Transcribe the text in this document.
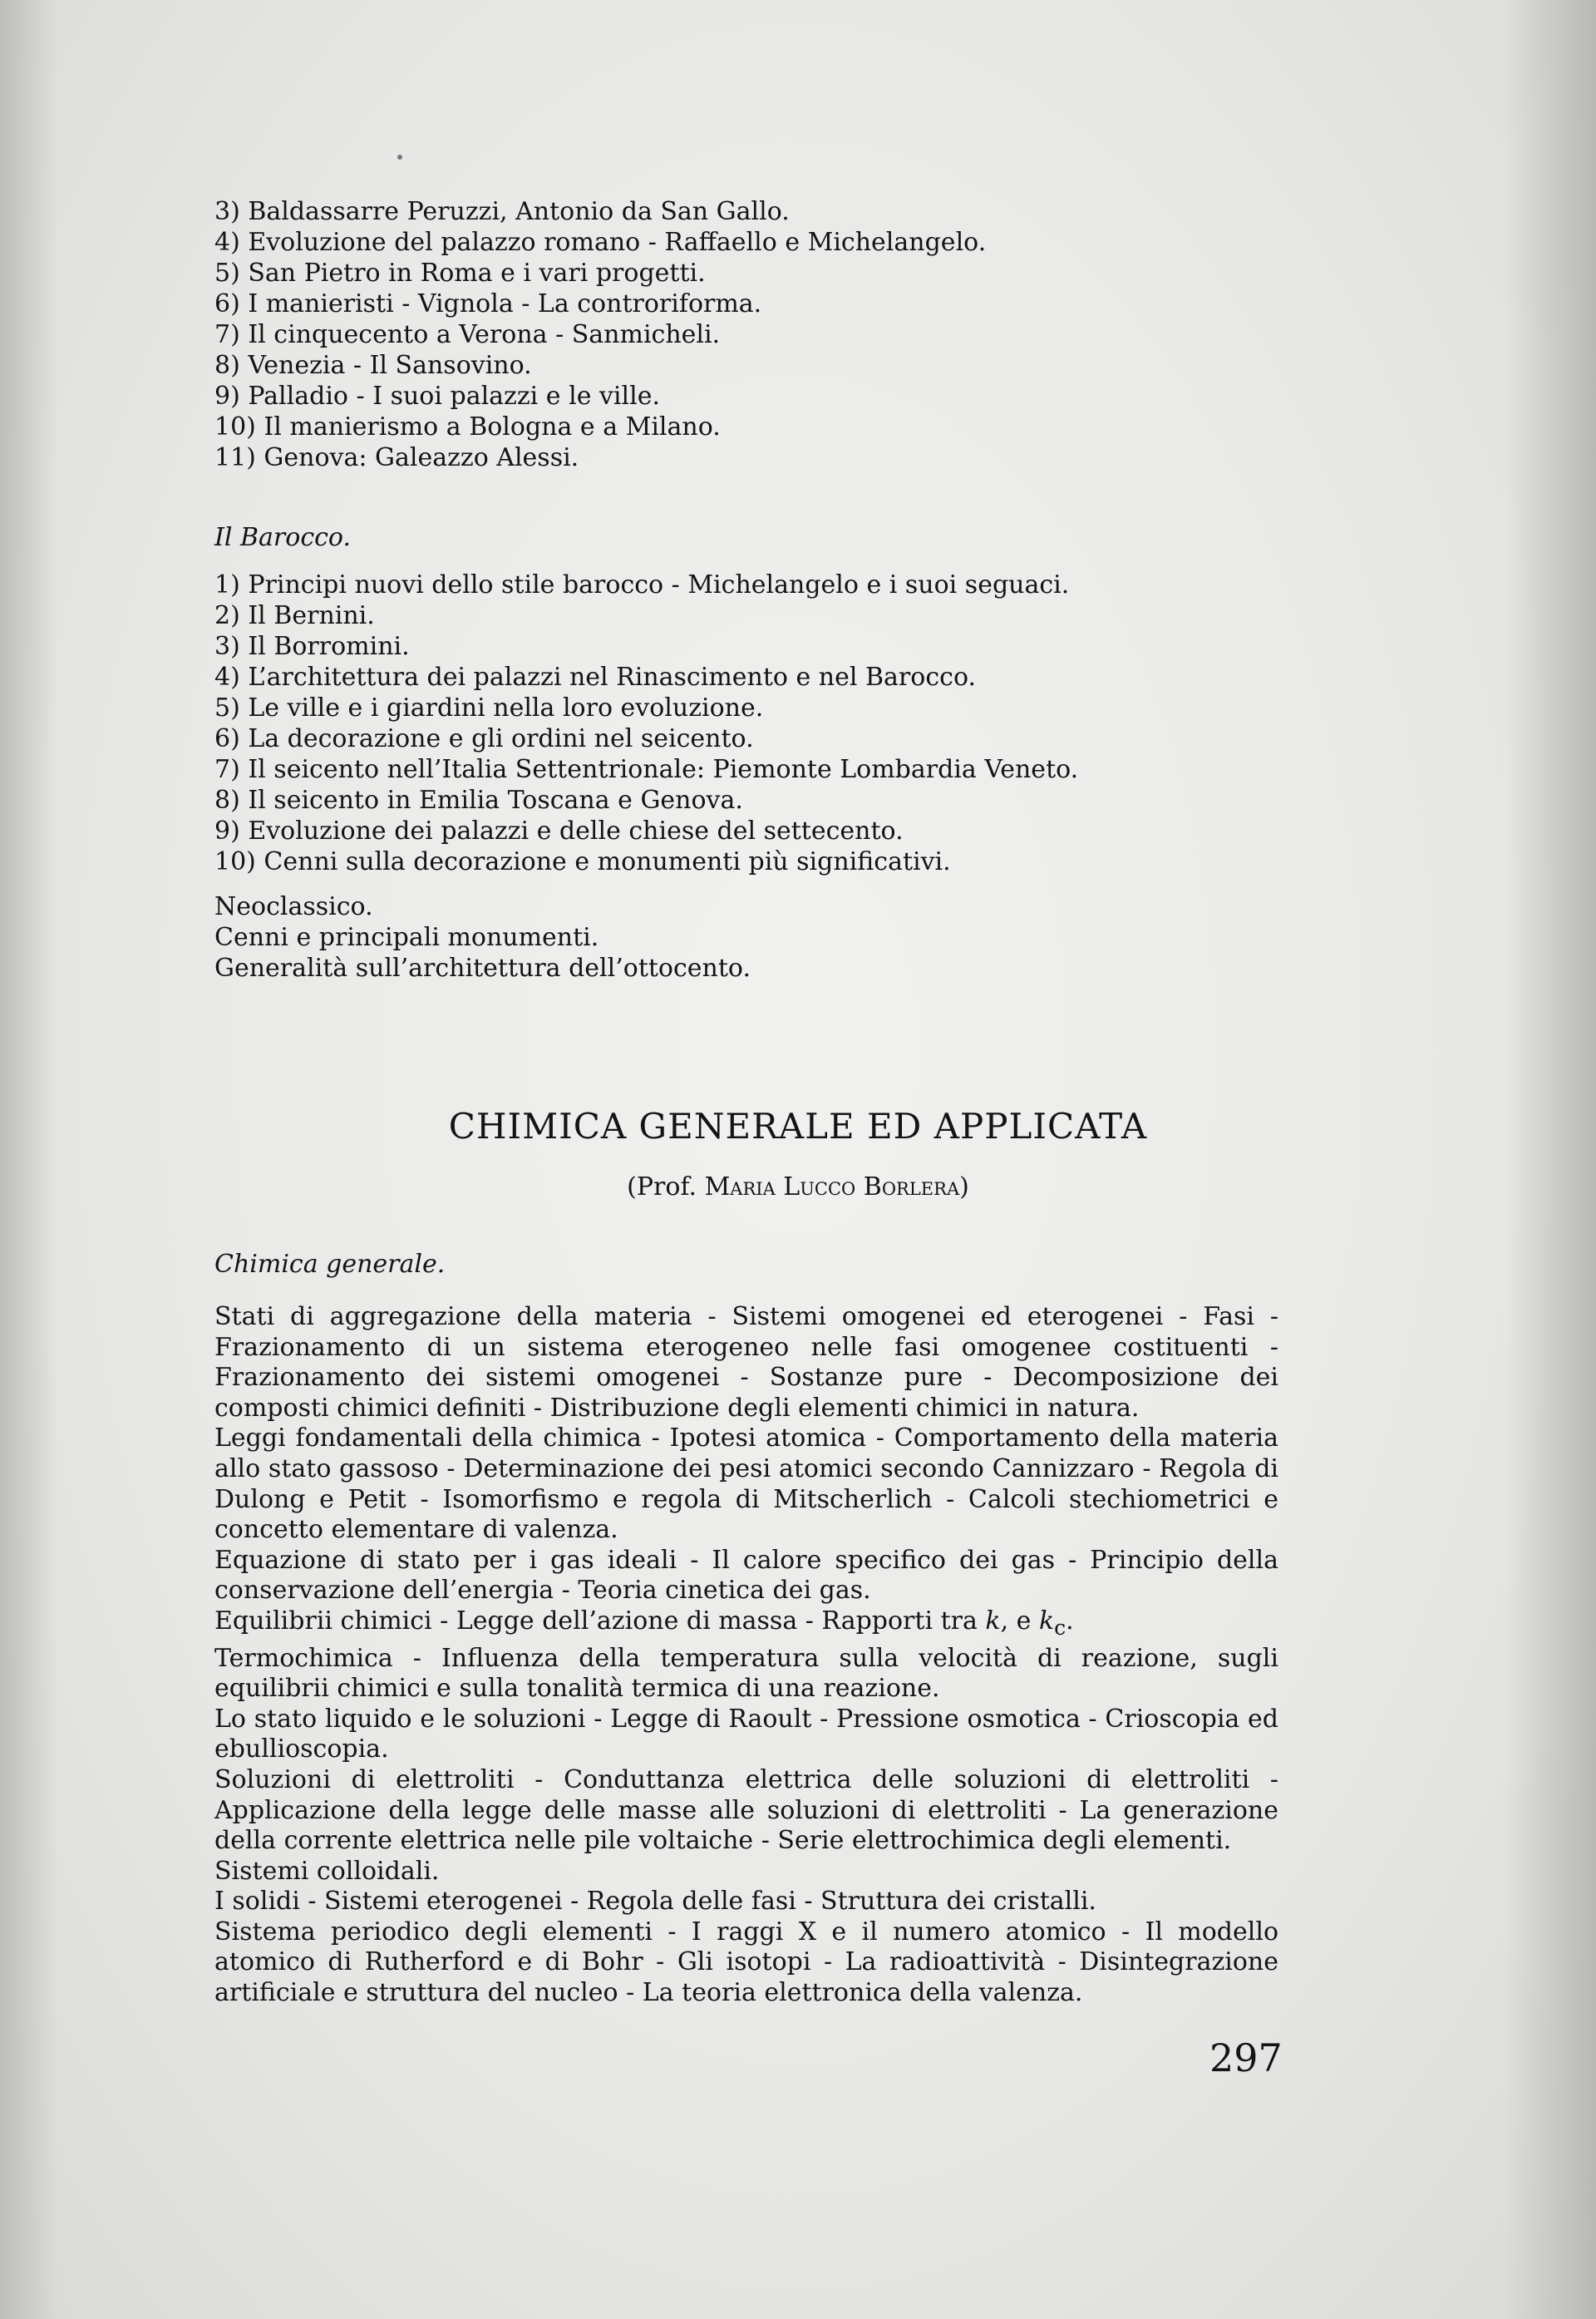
3) Baldassarre Peruzzi, Antonio da San Gallo.
4) Evoluzione del palazzo romano - Raffaello e Michelangelo.
5) San Pietro in Roma e i vari progetti.
6) I manieristi - Vignola - La controriforma.
7) Il cinquecento a Verona - Sanmicheli.
8) Venezia - Il Sansovino.
9) Palladio - I suoi palazzi e le ville.
10) Il manierismo a Bologna e a Milano.
11) Genova: Galeazzo Alessi.
Il Barocco.
1) Principi nuovi dello stile barocco - Michelangelo e i suoi seguaci.
2) Il Bernini.
3) Il Borromini.
4) L’architettura dei palazzi nel Rinascimento e nel Barocco.
5) Le ville e i giardini nella loro evoluzione.
6) La decorazione e gli ordini nel seicento.
7) Il seicento nell’Italia Settentrionale: Piemonte Lombardia Veneto.
8) Il seicento in Emilia Toscana e Genova.
9) Evoluzione dei palazzi e delle chiese del settecento.
10) Cenni sulla decorazione e monumenti più significativi.
Neoclassico.
Cenni e principali monumenti.
Generalità sull’architettura dell’ottocento.
CHIMICA GENERALE ED APPLICATA

(Prof. Maria Lucco Borlera)

Chimica generale.

Stati di aggregazione della materia - Sistemi omogenei ed eterogenei - Fasi - Frazionamento di un sistema eterogeneo nelle fasi omogenee costituenti - Frazionamento dei sistemi omogenei - Sostanze pure - Decomposizione dei composti chimici definiti - Distribuzione degli elementi chimici in natura.

Leggi fondamentali della chimica - Ipotesi atomica - Comportamento della materia allo stato gassoso - Determinazione dei pesi atomici secondo Cannizzaro - Regola di Dulong e Petit - Isomorfismo e regola di Mitscherlich - Calcoli stechiometrici e concetto elementare di valenza.

Equazione di stato per i gas ideali - Il calore specifico dei gas - Principio della conservazione dell’energia - Teoria cinetica dei gas.

Equilibrii chimici - Legge dell’azione di massa - Rapporti tra k, e $k_c$.

Termochimica - Influenza della temperatura sulla velocità di reazione, sugli equilibrii chimici e sulla tonalità termica di una reazione.

Lo stato liquido e le soluzioni - Legge di Raoult - Pressione osmotica - Crioscopia ed ebullioscopia.

Soluzioni di elettroliti - Conduttanza elettrica delle soluzioni di elettroliti - Applicazione della legge delle masse alle soluzioni di elettroliti - La generazione della corrente elettrica nelle pile voltaiche - Serie elettrochimica degli elementi.

Sistemi colloidali.

I solidi - Sistemi eterogenei - Regola delle fasi - Struttura dei cristalli.

Sistema periodico degli elementi - I raggi X e il numero atomico - Il modello atomico di Rutherford e di Bohr - Gli isotopi - La radioattività - Disintegrazione artificiale e struttura del nucleo - La teoria elettronica della valenza.

297
